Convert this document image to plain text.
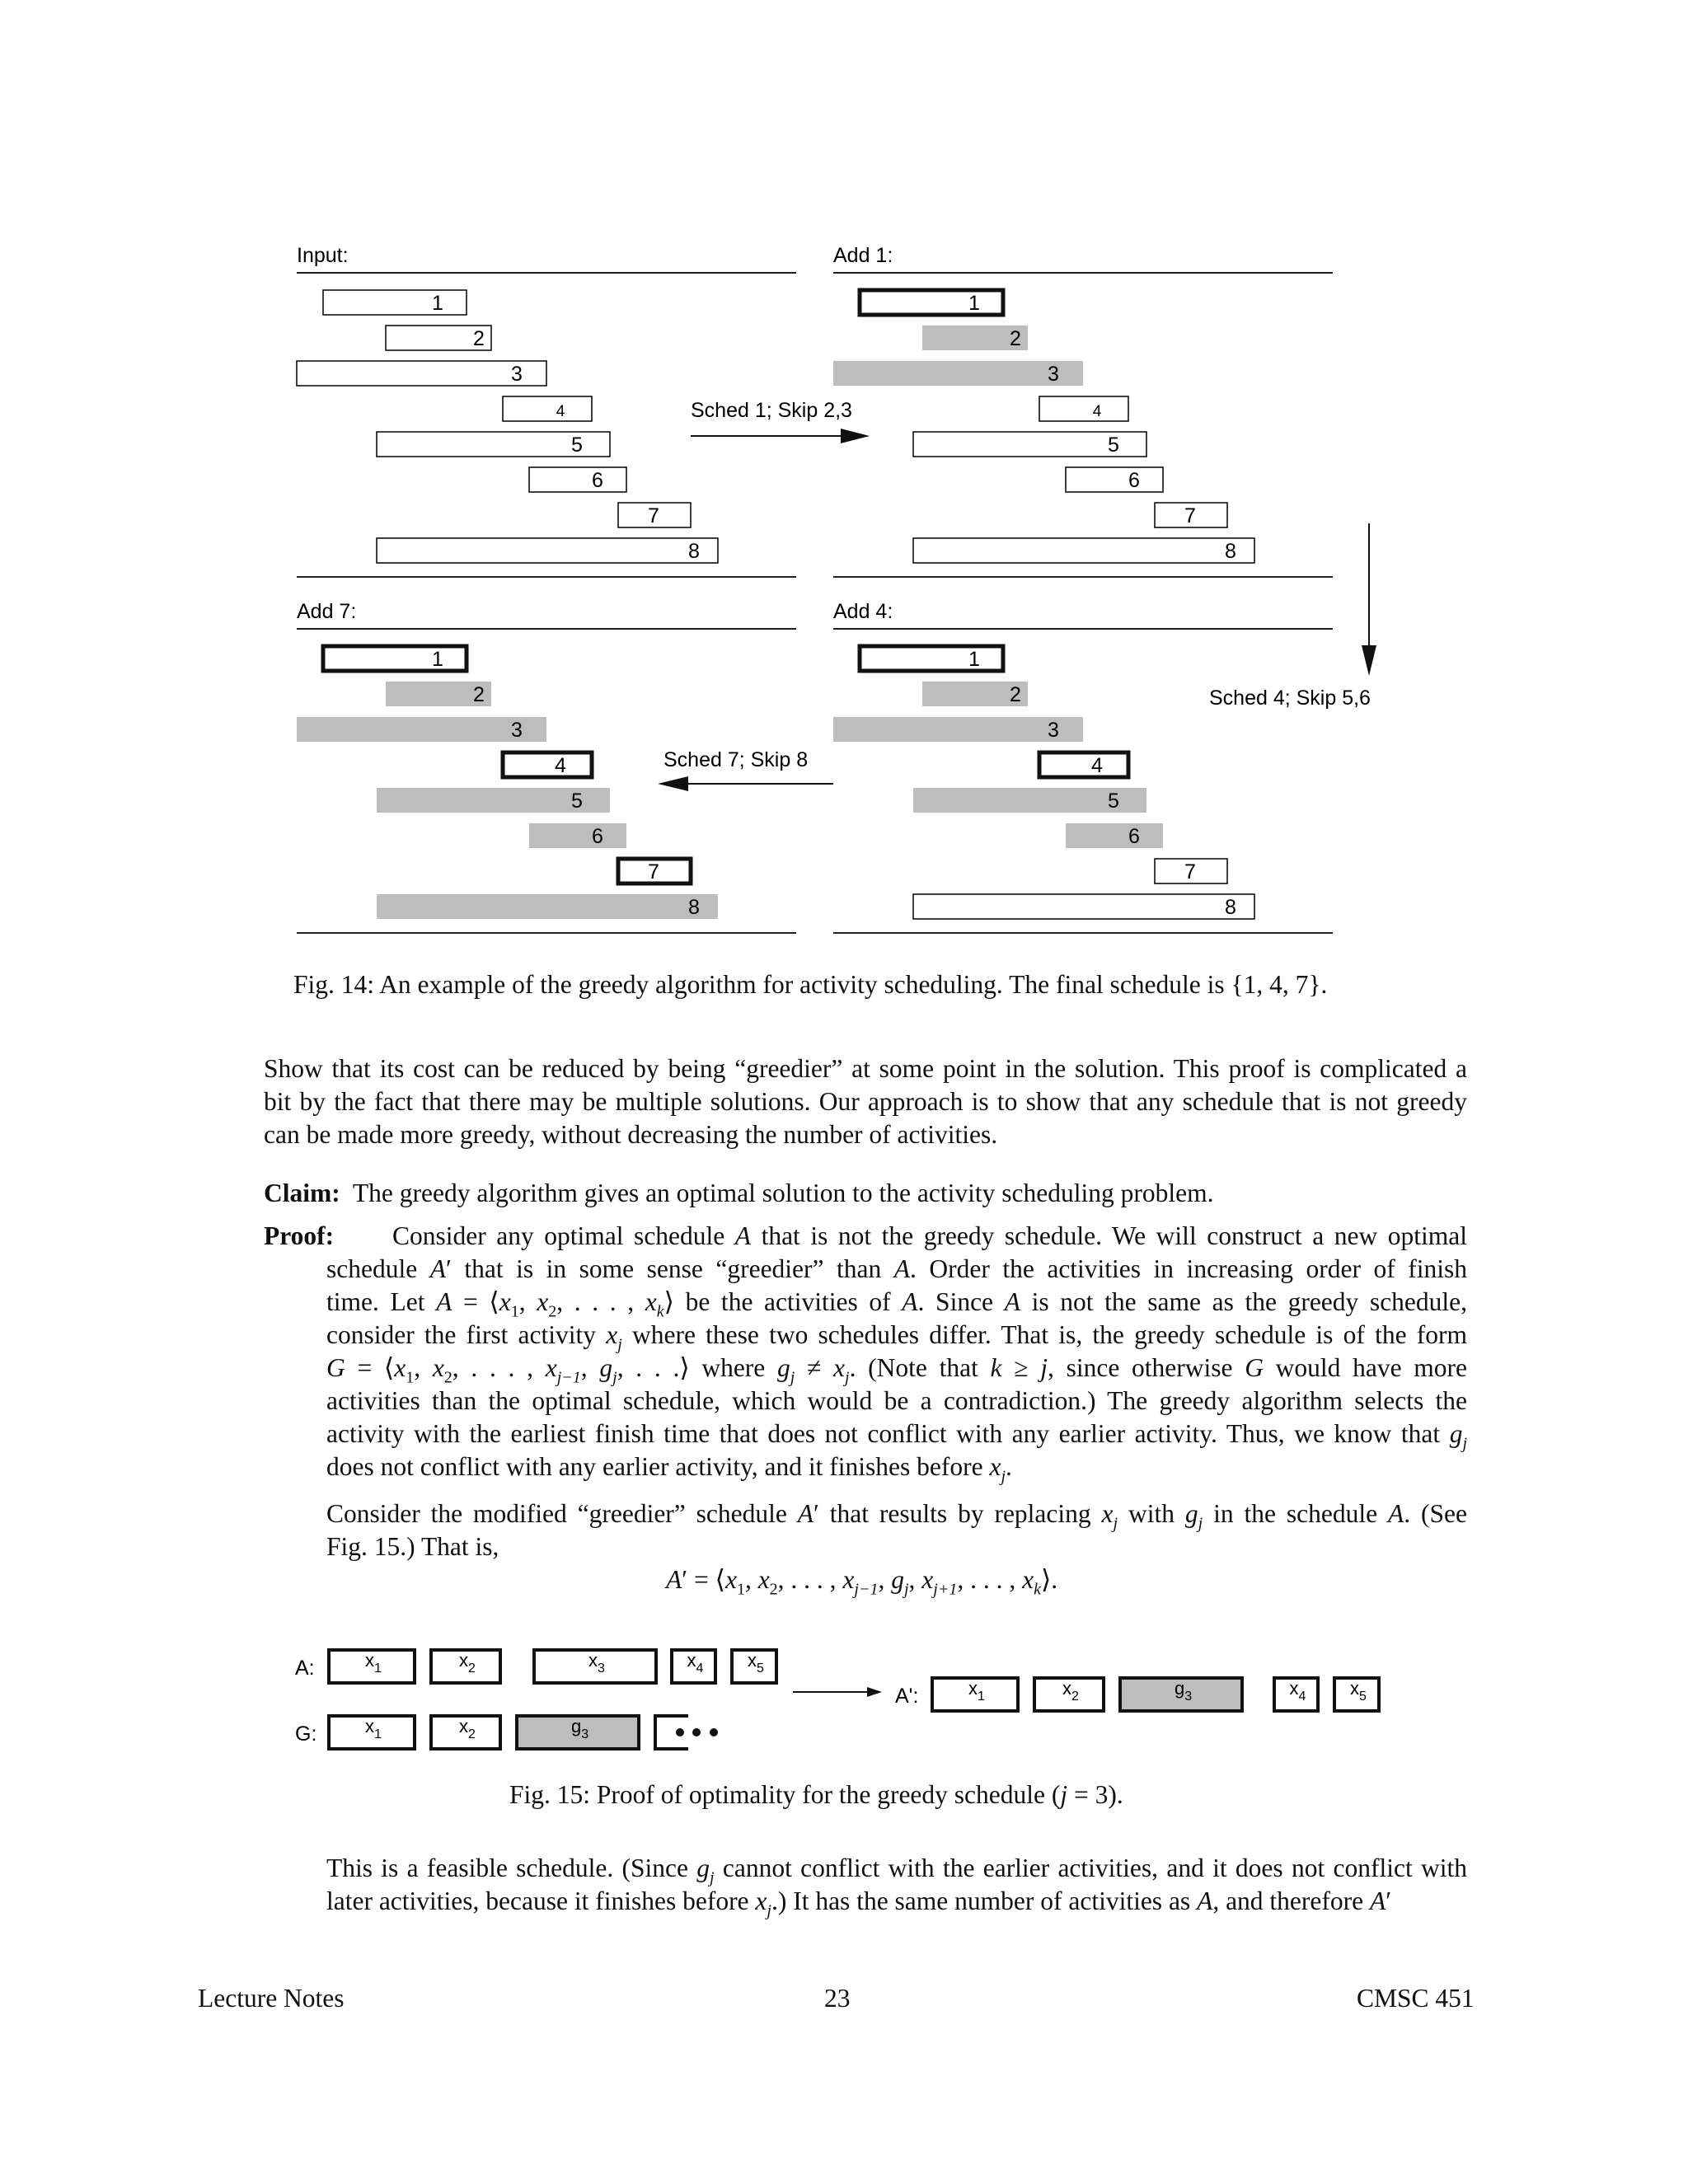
Input:
1
2
3
4
5
6
7
8
Add 1:
1
2
3
4
5
6
7
8
Add 7:
1
2
3
4
5
6
7
8
Add 4:
1
2
3
4
5
6
7
8
Sched 1; Skip 2,3
Sched 4; Skip 5,6
Sched 7; Skip 8
Fig. 14: An example of the greedy algorithm for activity scheduling. The final schedule is {1, 4, 7}.
Show that its cost can be reduced by being “greedier” at some point in the solution. This proof is complicated a
bit by the fact that there may be multiple solutions. Our approach is to show that any schedule that is not greedy
can be made more greedy, without decreasing the number of activities.
Claim: The greedy algorithm gives an optimal solution to the activity scheduling problem.
Proof: Consider any optimal schedule A that is not the greedy schedule. We will construct a new optimal
schedule A′ that is in some sense “greedier” than A. Order the activities in increasing order of finish
time. Let $A = ⟨x_1$, $x_2$, . . . , $x_k⟩$ be the activities of A. Since A is not the same as the greedy schedule,
consider the first activity $x_j$ where these two schedules differ. That is, the greedy schedule is of the form
$G = ⟨x_1$, $x_2$, . . . , $x_{j-1}$, $g_j$, . . .⟩ where $g_j \ne x_j$. (Note that k ≥ j, since otherwise G would have more
activities than the optimal schedule, which would be a contradiction.) The greedy algorithm selects the
activity with the earliest finish time that does not conflict with any earlier activity. Thus, we know that $g_j$
does not conflict with any earlier activity, and it finishes before $x_j$.
Consider the modified “greedier” schedule A′ that results by replacing $x_j$ with $g_j$ in the schedule A. (See
Fig. 15.) That is,
$A' = ⟨x_1$, $x_2$, . . . , $x_{j-1}$, $g_j$, $x_{j+1}$, . . . , $x_k⟩$.
A:	$x_1$	$x_2$	$x_3$	$x_4$ $x_5$
G:	$x_1$	$x_2$	$g_3$
A':	$x_1$	$x_2$	$g_3$	$x_4$ $x_5$
Fig. 15: Proof of optimality for the greedy schedule (j = 3).
This is a feasible schedule. (Since $g_j$ cannot conflict with the earlier activities, and it does not conflict with
later activities, because it finishes before $x_j$.) It has the same number of activities as A, and therefore A′
Lecture Notes	23	CMSC 451
